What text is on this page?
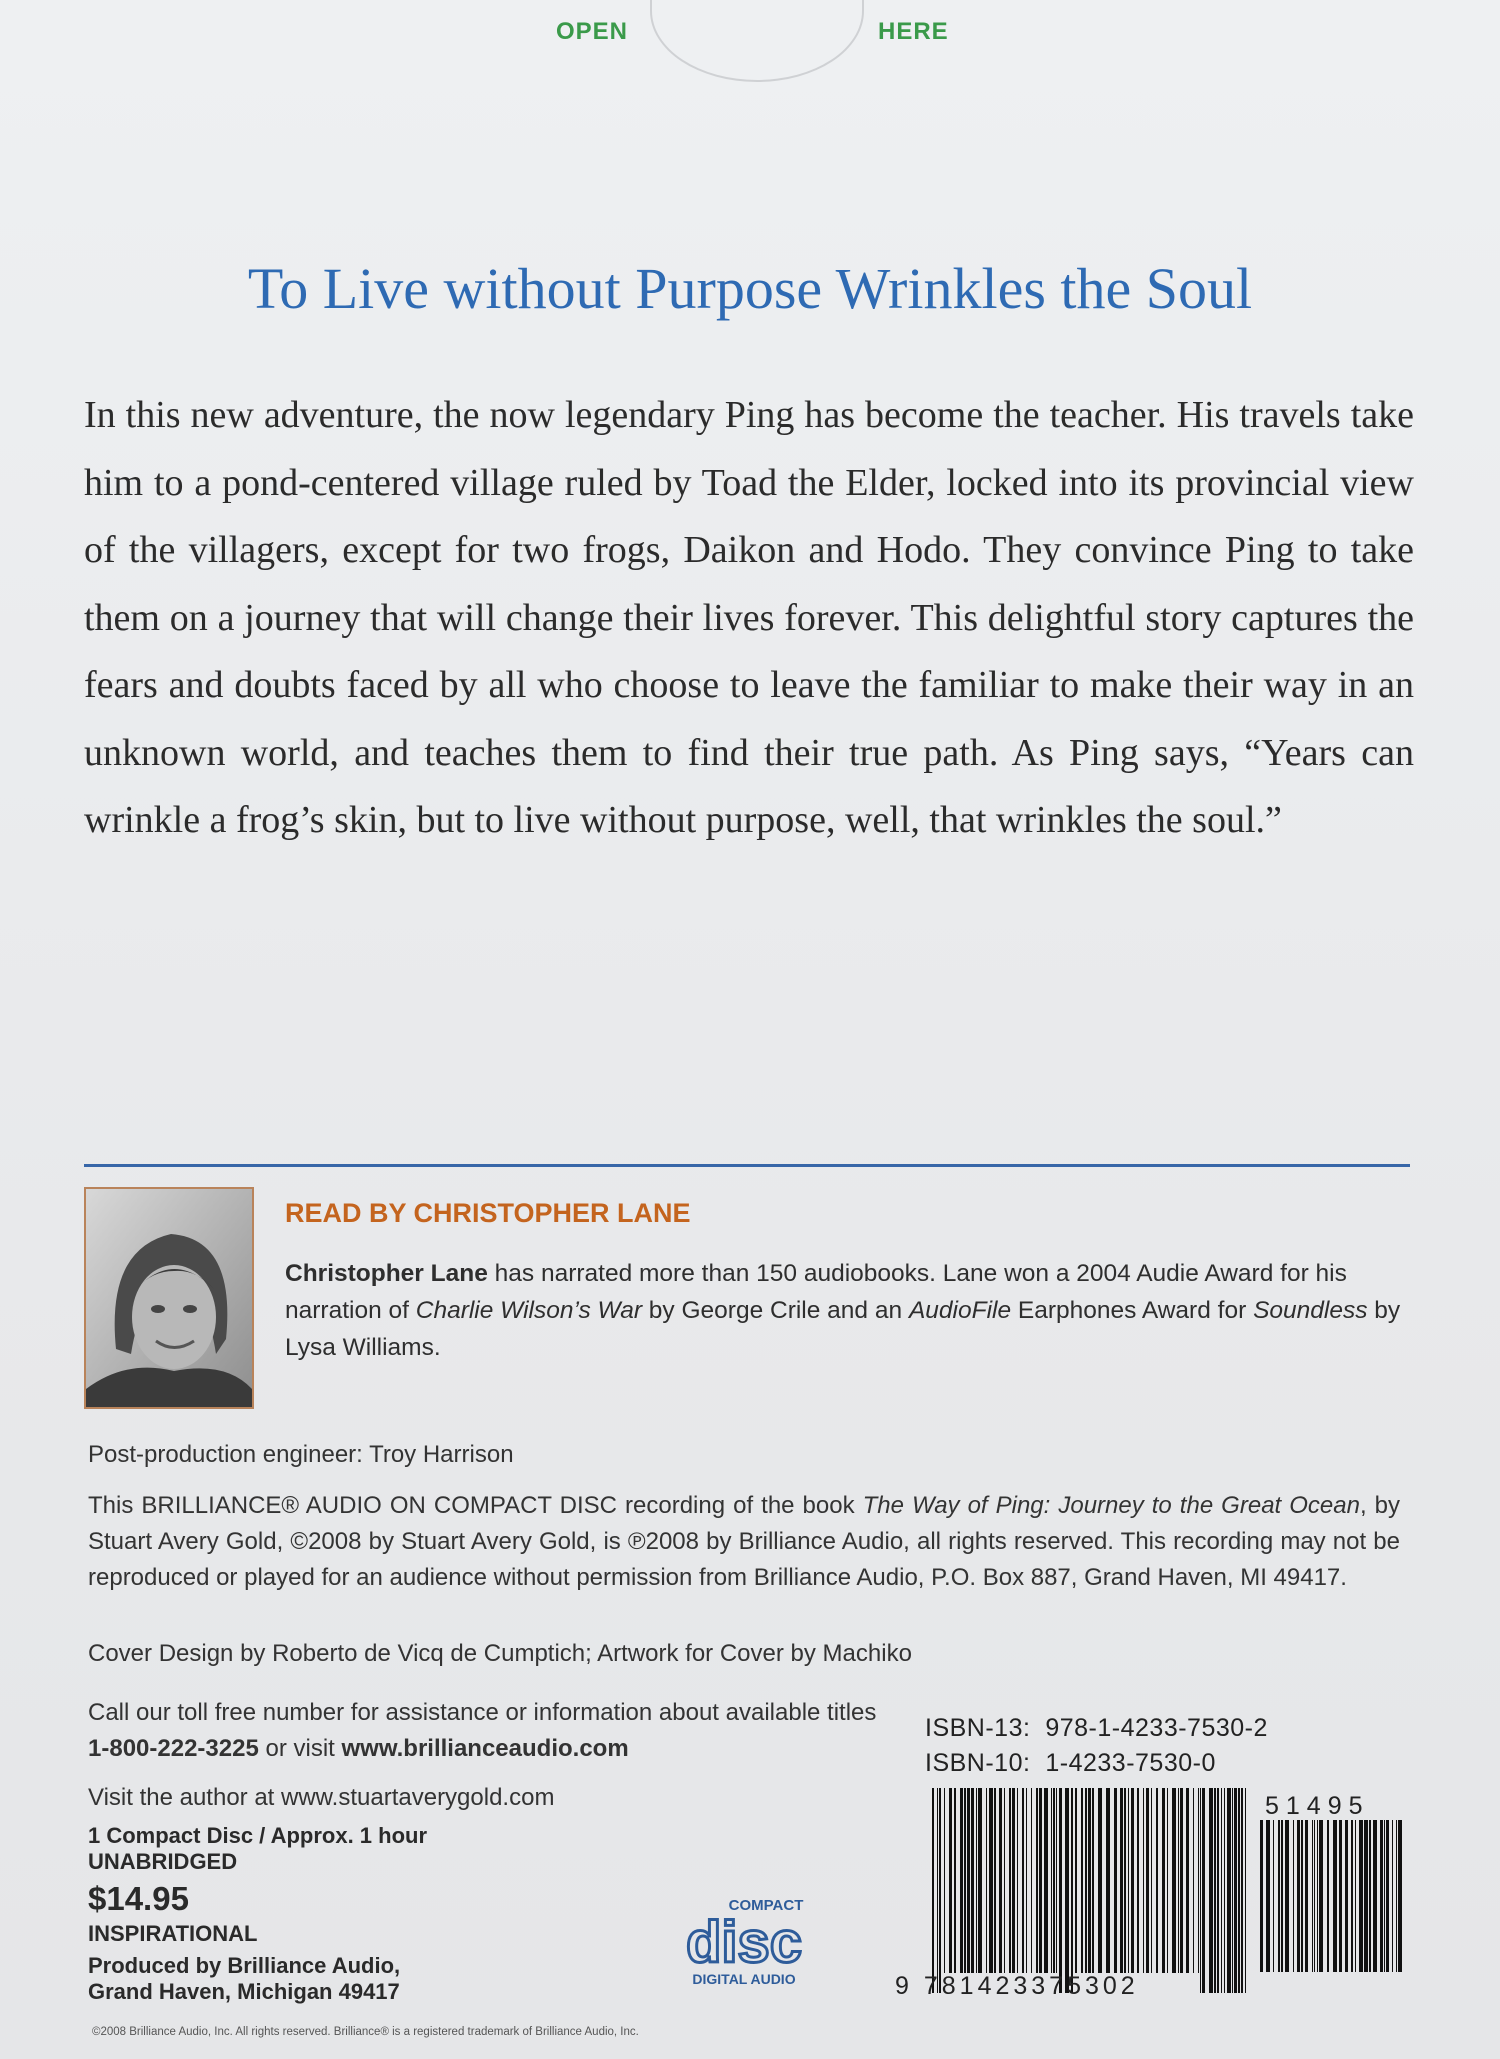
OPEN	HERE
To Live without Purpose Wrinkles the Soul

In this new adventure, the now legendary Ping has become the teacher. His travels take him to a pond-centered village ruled by Toad the Elder, locked into its provincial view of the villagers, except for two frogs, Daikon and Hodo. They convince Ping to take them on a journey that will change their lives forever. This delightful story captures the fears and doubts faced by all who choose to leave the familiar to make their way in an unknown world, and teaches them to find their true path. As Ping says, “Years can wrinkle a frog’s skin, but to live without purpose, well, that wrinkles the soul.”

READ BY CHRISTOPHER LANE

Christopher Lane has narrated more than 150 audiobooks. Lane won a 2004 Audie Award for his narration of Charlie Wilson’s War by George Crile and an AudioFile Earphones Award for Soundless by Lysa Williams.

Post-production engineer: Troy Harrison

This BRILLIANCE® AUDIO ON COMPACT DISC recording of the book The Way of Ping: Journey to the Great Ocean, by Stuart Avery Gold, ©2008 by Stuart Avery Gold, is ℗2008 by Brilliance Audio, all rights reserved. This recording may not be reproduced or played for an audience without permission from Brilliance Audio, P.O. Box 887, Grand Haven, MI 49417.

Cover Design by Roberto de Vicq de Cumptich; Artwork for Cover by Machiko

Call our toll free number for assistance or information about available titles 1-800-222-3225 or visit www.brillianceaudio.com

Visit the author at www.stuartaverygold.com

1 Compact Disc / Approx. 1 hour
UNABRIDGED
$14.95
INSPIRATIONAL
Produced by Brilliance Audio,
Grand Haven, Michigan 49417
ISBN-13: 978-1-4233-7530-2
ISBN-10: 1-4233-7530-0
51495
9 781423375302
COMPACT
disc
DIGITAL AUDIO
©2008 Brilliance Audio, Inc. All rights reserved. Brilliance® is a registered trademark of Brilliance Audio, Inc.
